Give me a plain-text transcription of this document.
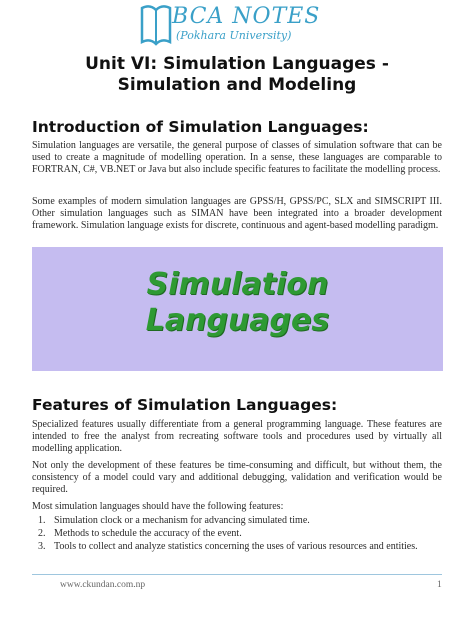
BCA NOTES
(Pokhara University)
Unit VI: Simulation Languages -
Simulation and Modeling
Introduction of Simulation Languages:

Simulation languages are versatile, the general purpose of classes of simulation software that can be used to create a magnitude of modelling operation. In a sense, these languages are comparable to FORTRAN, C#, VB.NET or Java but also include specific features to facilitate the modelling process.

Some examples of modern simulation languages are GPSS/H, GPSS/PC, SLX and SIMSCRIPT III. Other simulation languages such as SIMAN have been integrated into a broader development framework. Simulation language exists for discrete, continuous and agent-based modelling paradigm.

Simulation
Languages
Features of Simulation Languages:

Specialized features usually differentiate from a general programming language. These features are intended to free the analyst from recreating software tools and procedures used by virtually all modelling application.

Not only the development of these features be time-consuming and difficult, but without them, the consistency of a model could vary and additional debugging, validation and verification would be required.

Most simulation languages should have the following features:

1. Simulation clock or a mechanism for advancing simulated time.
2. Methods to schedule the accuracy of the event.
3. Tools to collect and analyze statistics concerning the uses of various resources and entities.
www.ckundan.com.np	1
